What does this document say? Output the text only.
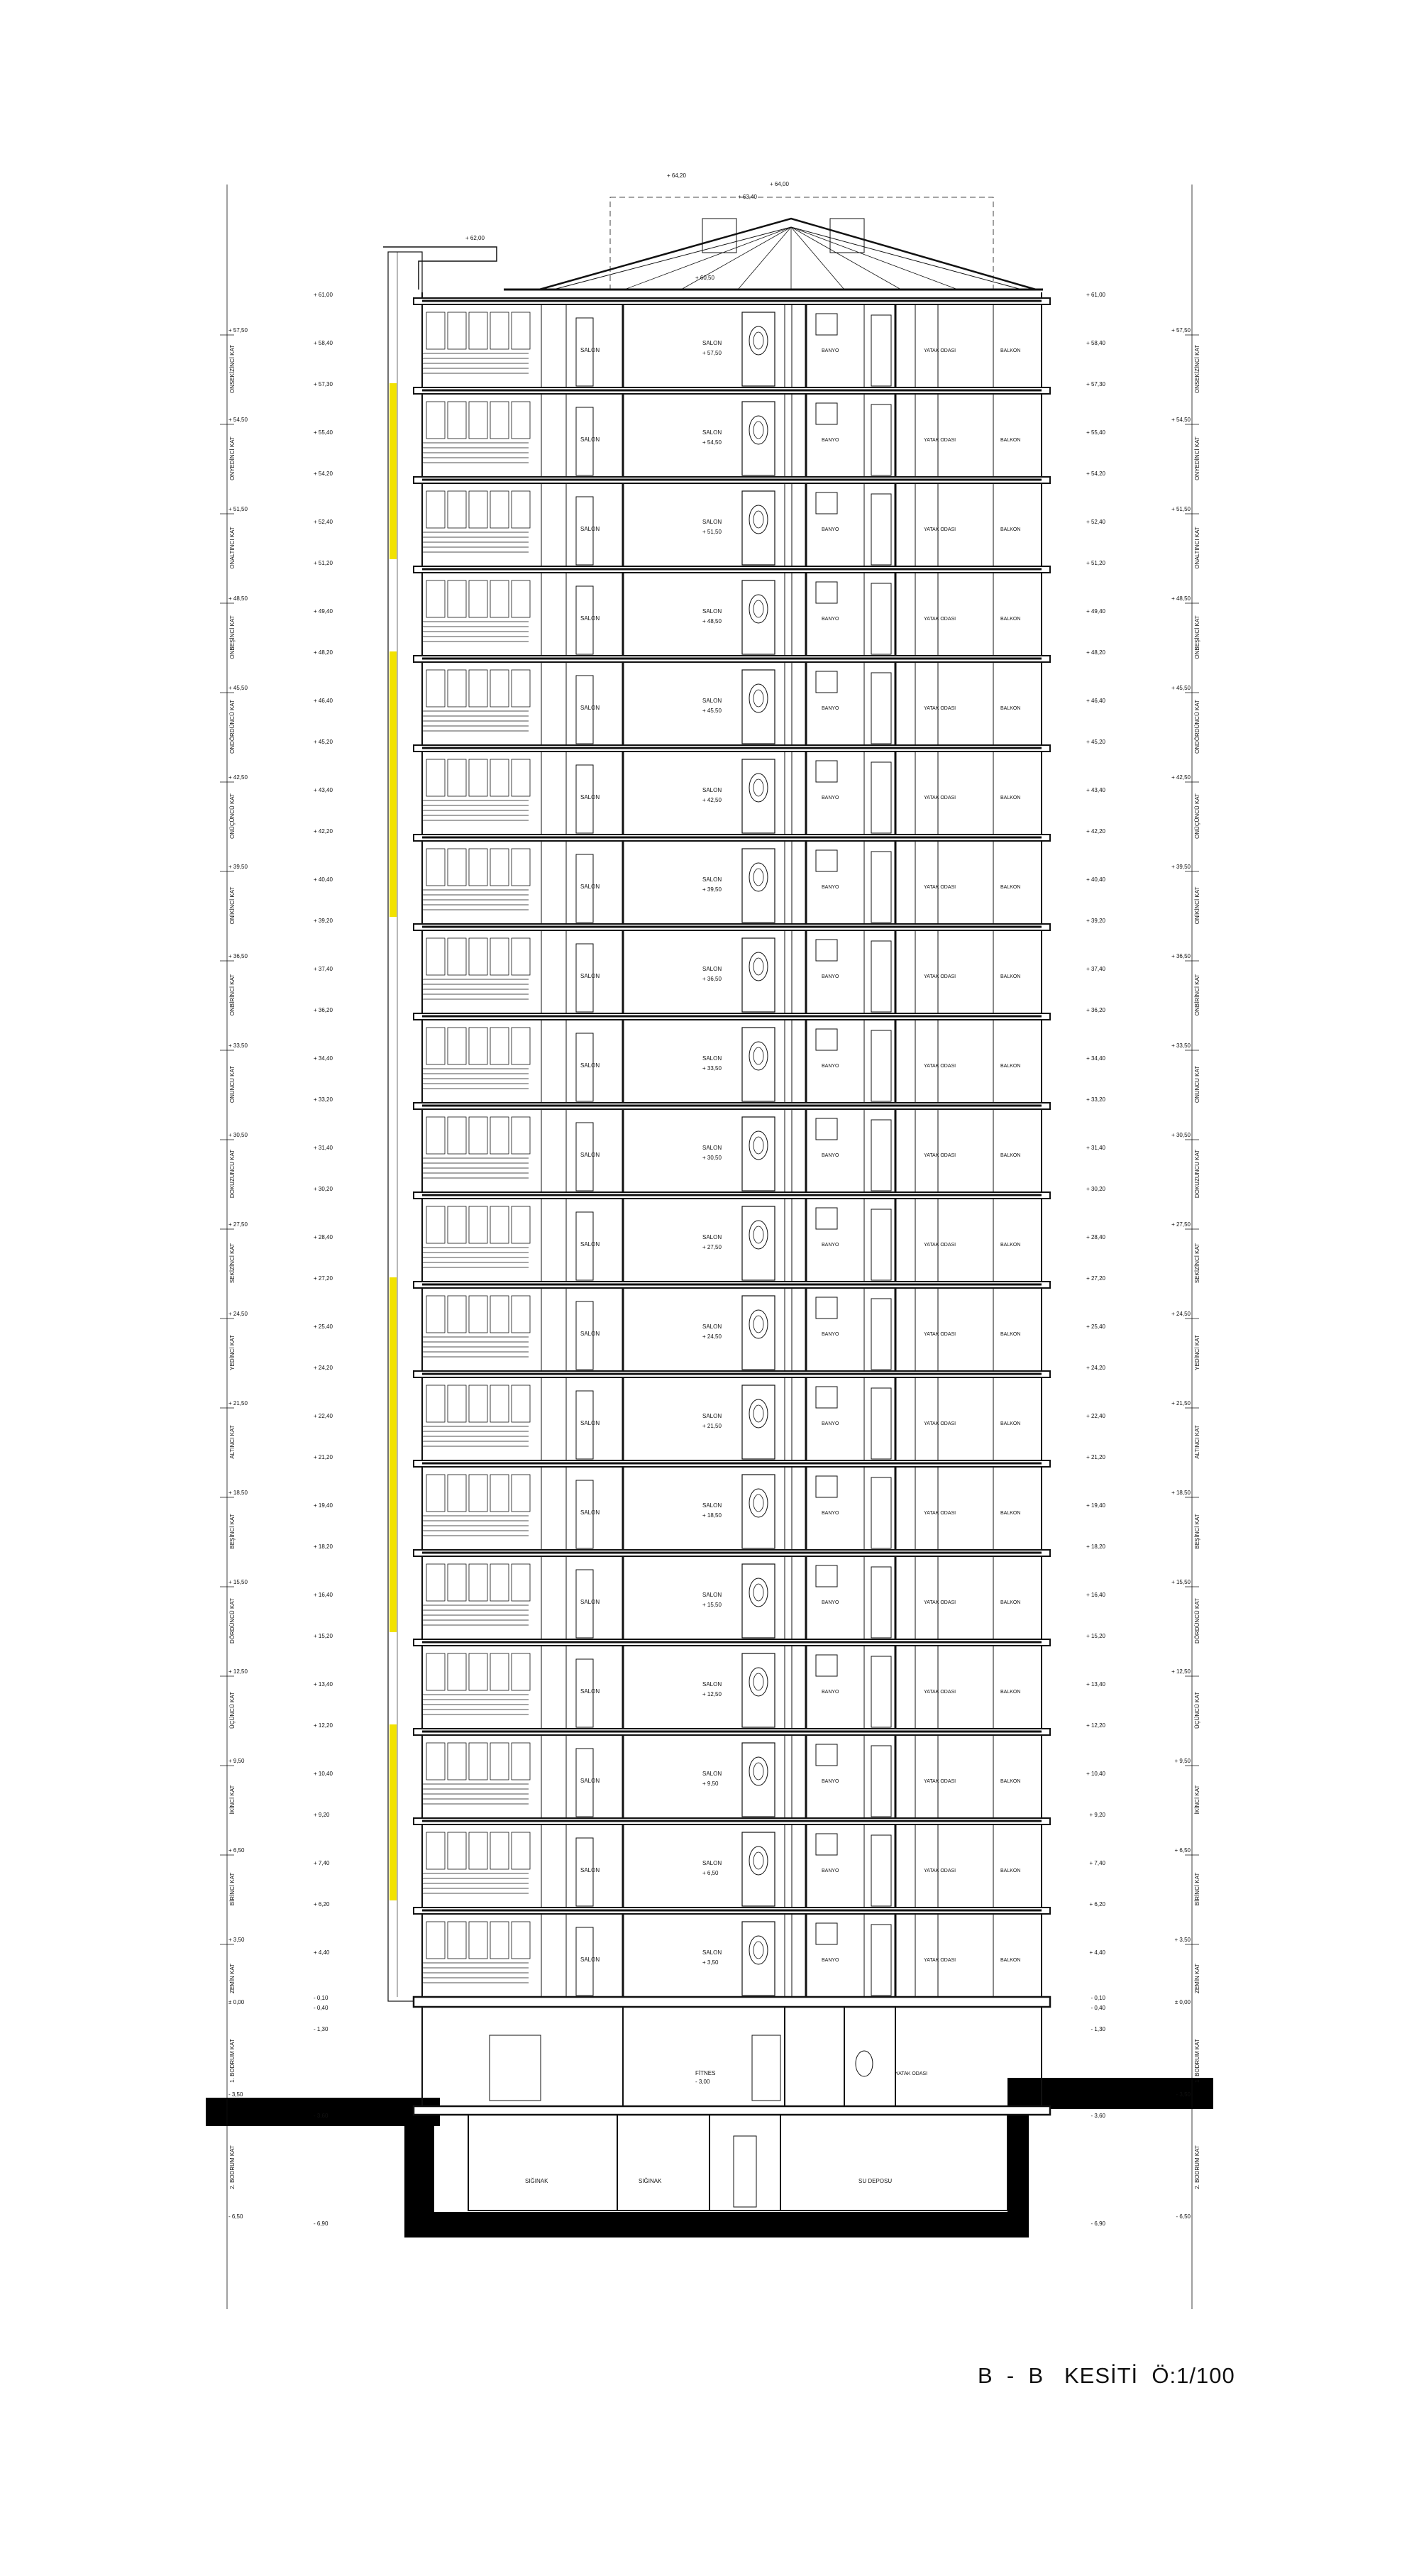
+ 57,50
+ 61,00
+ 58,40
ONSEKİZİNCİ KAT
+ 54,50
+ 57,30
+ 55,40
ONYEDİNCİ KAT
+ 51,50
+ 54,20
+ 52,40
ONALTINCI KAT
+ 48,50
+ 51,20
+ 49,40
ONBEŞİNCİ KAT
+ 45,50
+ 48,20
+ 46,40
ONDÖRDÜNCÜ KAT
+ 42,50
+ 45,20
+ 43,40
ONÜÇÜNCÜ KAT
+ 39,50
+ 42,20
+ 40,40
ONİKİNCİ KAT
+ 36,50
+ 39,20
+ 37,40
ONBİRİNCİ KAT
+ 33,50
+ 36,20
+ 34,40
ONUNCU KAT
+ 30,50
+ 33,20
+ 31,40
DOKUZUNCU KAT
+ 27,50
+ 30,20
+ 28,40
SEKİZİNCİ KAT
+ 24,50
+ 27,20
+ 25,40
YEDİNCİ KAT
+ 21,50
+ 24,20
+ 22,40
ALTINCI KAT
+ 18,50
+ 21,20
+ 19,40
BEŞİNCİ KAT
+ 15,50
+ 18,20
+ 16,40
DÖRDÜNCÜ KAT
+ 12,50
+ 15,20
+ 13,40
ÜÇÜNCÜ KAT
+ 9,50
+ 12,20
+ 10,40
İKİNCİ KAT
+ 6,50
+ 9,20
+ 7,40
BİRİNCİ KAT
+ 3,50
+ 6,20
+ 4,40
ZEMİN KAT
± 0,00
- 0,10
- 0,40
- 1,30
- 3,50
- 3,60
1. BODRUM KAT
2. BODRUM KAT
- 6,50
- 6,90
+ 57,50
+ 61,00
+ 58,40
ONSEKİZİNCİ KAT
+ 54,50
+ 57,30
+ 55,40
ONYEDİNCİ KAT
+ 51,50
+ 54,20
+ 52,40
ONALTINCI KAT
+ 48,50
+ 51,20
+ 49,40
ONBEŞİNCİ KAT
+ 45,50
+ 48,20
+ 46,40	ONDÖRDÜNCÜ KAT
+ 42,50
+ 45,20
+ 43,40
ONÜÇÜNCÜ KAT
+ 39,50
+ 42,20
+ 40,40
ONİKİNCİ KAT
+ 36,50
+ 39,20
+ 37,40
ONBİRİNCİ KAT
+ 33,50
+ 36,20
+ 34,40
ONUNCU KAT
+ 30,50
+ 33,20
+ 31,40
DOKUZUNCU KAT
+ 27,50
+ 30,20
+ 28,40
SEKİZİNCİ KAT
+ 24,50
+ 27,20
+ 25,40
YEDİNCİ KAT
+ 21,50
+ 24,20
+ 22,40
ALTINCI KAT
+ 18,50
+ 21,20
+ 19,40
BEŞİNCİ KAT
+ 15,50
+ 18,20
+ 16,40
DÖRDÜNCÜ KAT
+ 12,50
+ 15,20
+ 13,40
ÜÇÜNCÜ KAT
+ 9,50
+ 12,20
+ 10,40
İKİNCİ KAT
+ 6,50
+ 9,20
+ 7,40
BİRİNCİ KAT
+ 3,50
+ 6,20
+ 4,40
ZEMİN KAT
± 0,00
- 0,10
- 0,40
- 1,30
- 3,50
- 3,60
1. BODRUM KAT
2. BODRUM KAT
- 6,50
- 6,90
+ 64,20
+ 64,00
+ 63,40
+ 62,00
+ 60,50
SALON
SALON
+ 57,50	BANYO	YATAK ODASI	BALKON
SALON
SALON
+ 54,50	BANYO	YATAK ODASI	BALKON
SALON
SALON
+ 51,50	BANYO	YATAK ODASI	BALKON
SALON
SALON
+ 48,50	BANYO	YATAK ODASI	BALKON
SALON
SALON
+ 45,50	BANYO	YATAK ODASI	BALKON
SALON
SALON
+ 42,50	BANYO	YATAK ODASI	BALKON
SALON
SALON
+ 39,50	BANYO	YATAK ODASI	BALKON
SALON
SALON
+ 36,50	BANYO	YATAK ODASI	BALKON
SALON
SALON
+ 33,50	BANYO	YATAK ODASI	BALKON
SALON
SALON
+ 30,50	BANYO	YATAK ODASI	BALKON
SALON
SALON
+ 27,50	BANYO	YATAK ODASI	BALKON
SALON
SALON
+ 24,50	BANYO	YATAK ODASI	BALKON
SALON
SALON
+ 21,50	BANYO	YATAK ODASI	BALKON
SALON
SALON
+ 18,50	BANYO	YATAK ODASI	BALKON
SALON
SALON
+ 15,50	BANYO	YATAK ODASI	BALKON
SALON
SALON
+ 12,50	BANYO	YATAK ODASI	BALKON
SALON
SALON
+ 9,50	BANYO	YATAK ODASI	BALKON
SALON
SALON
+ 6,50	BANYO	YATAK ODASI	BALKON
SALON
SALON
+ 3,50	BANYO	YATAK ODASI	BALKON
FİTNES
- 3,00
YATAK ODASI
SIĞINAK	SIĞINAK	SU DEPOSU
B  -  B   KESİTİ  Ö:1/100
